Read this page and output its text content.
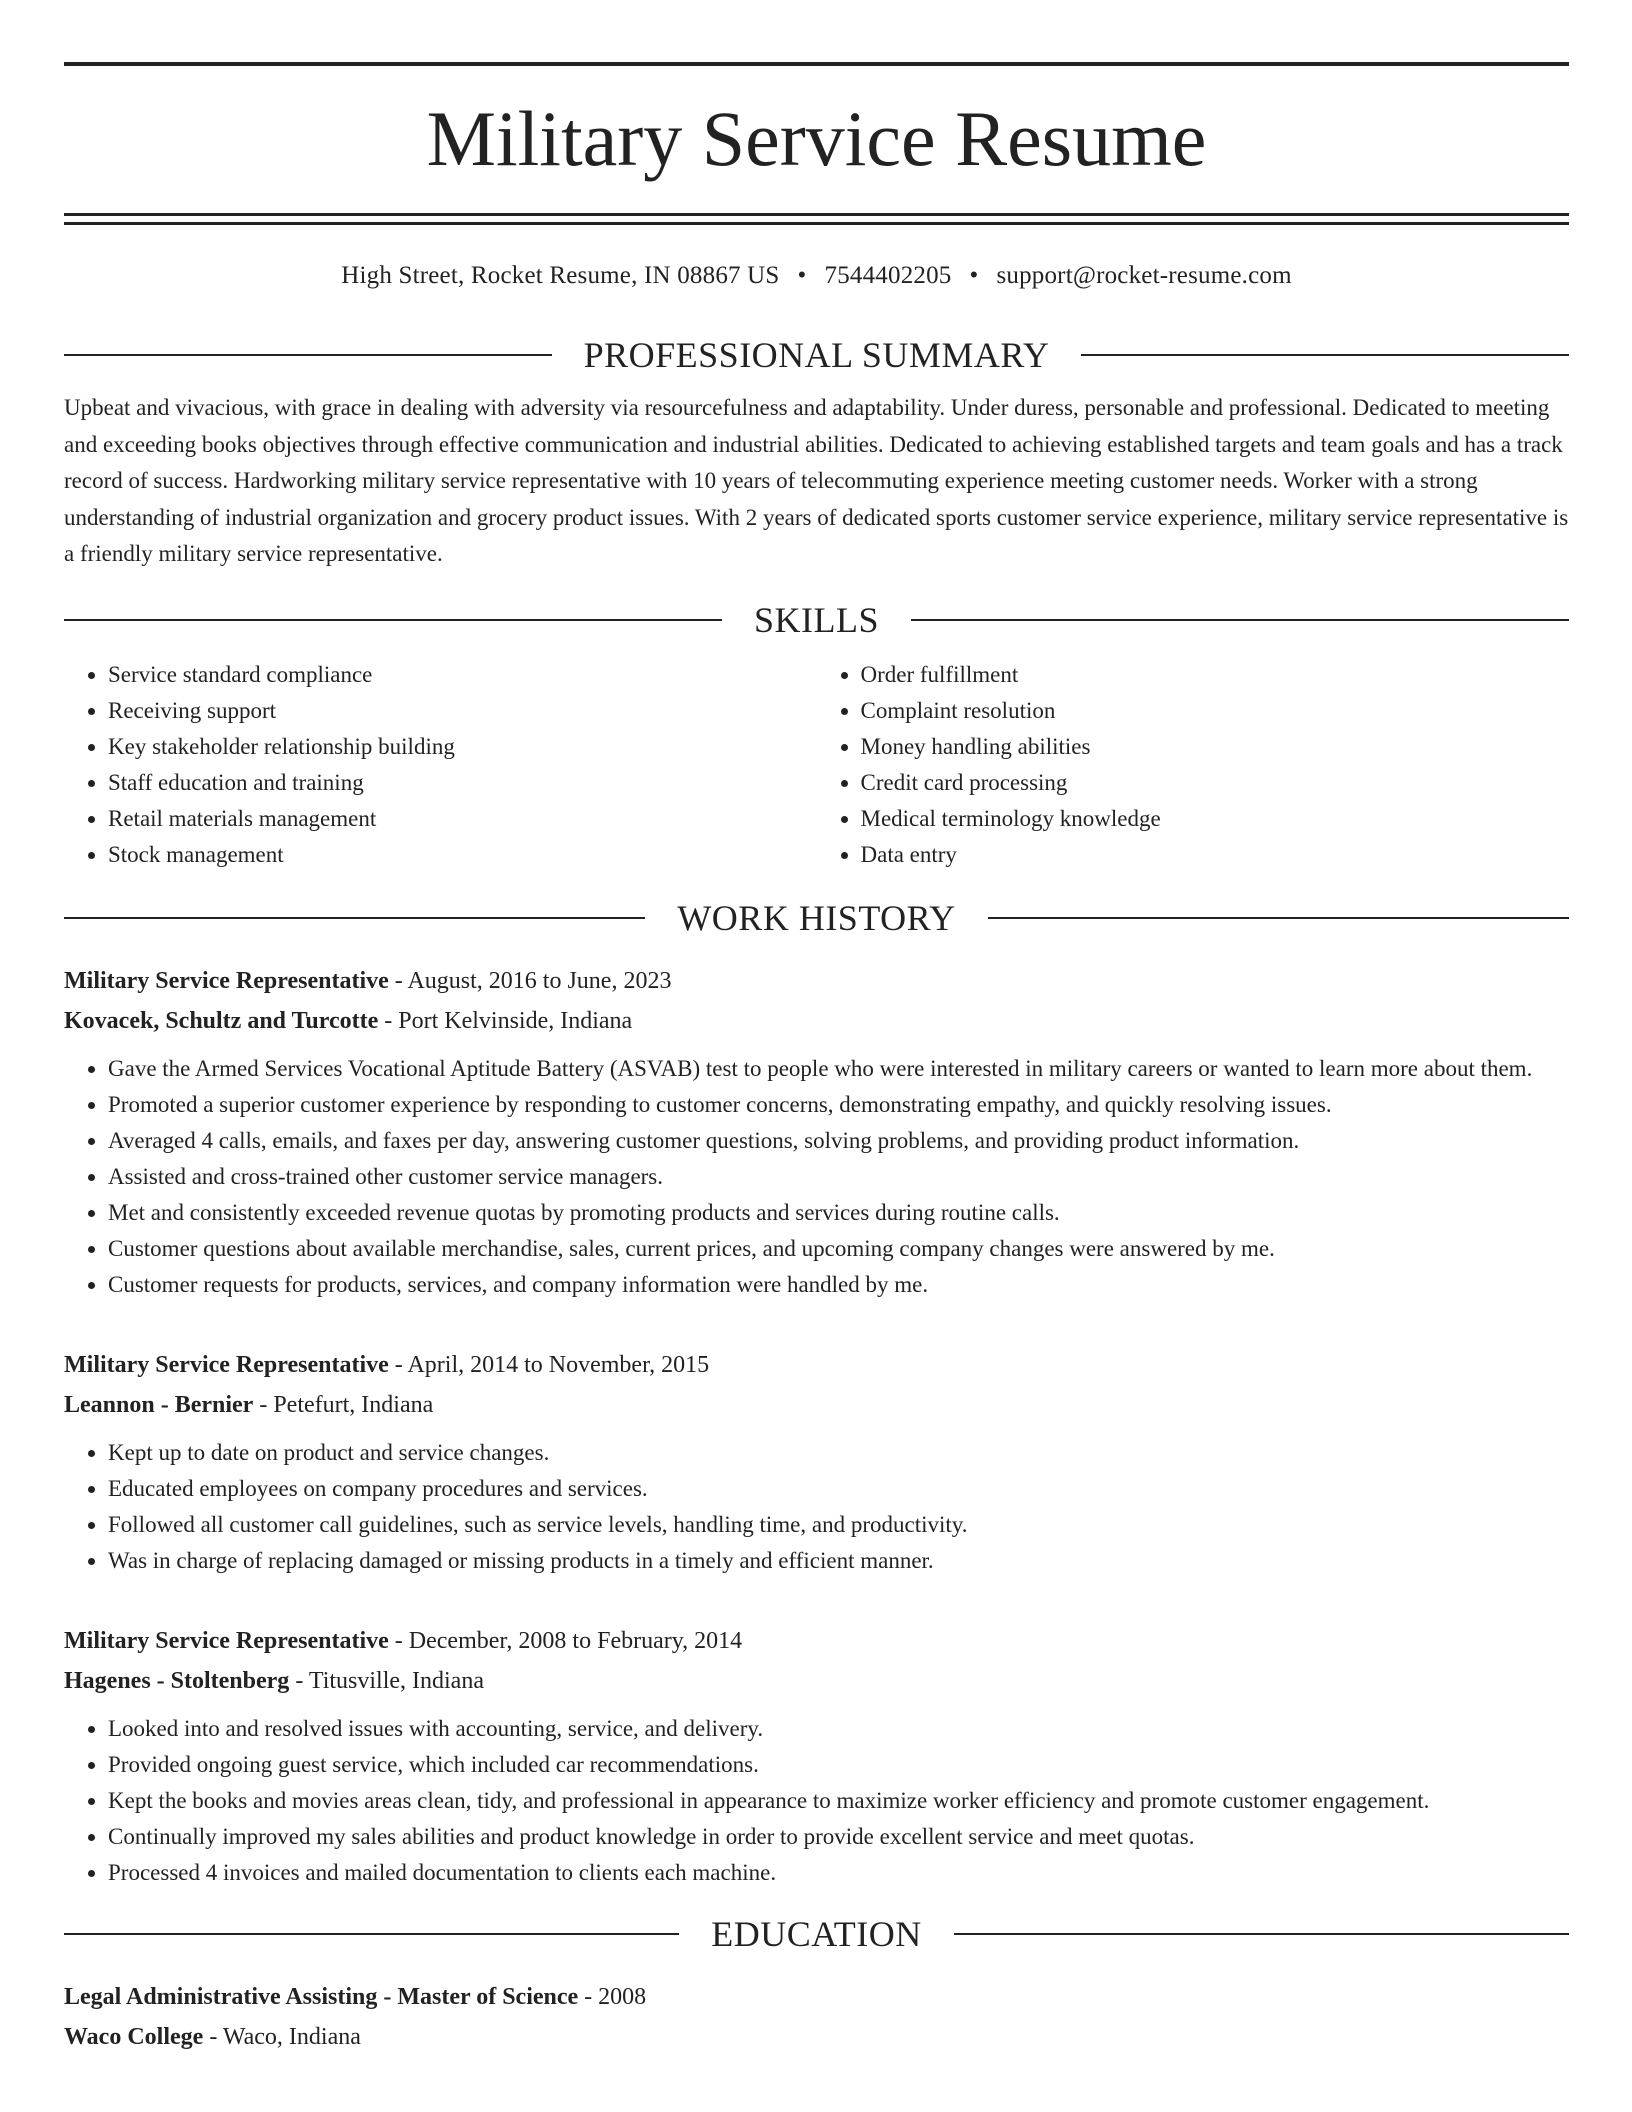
Military Service Resume
High Street, Rocket Resume, IN 08867 US • 7544402205 • support@rocket-resume.com
PROFESSIONAL SUMMARY
Upbeat and vivacious, with grace in dealing with adversity via resourcefulness and adaptability. Under duress, personable and professional. Dedicated to meeting and exceeding books objectives through effective communication and industrial abilities. Dedicated to achieving established targets and team goals and has a track record of success. Hardworking military service representative with 10 years of telecommuting experience meeting customer needs. Worker with a strong understanding of industrial organization and grocery product issues. With 2 years of dedicated sports customer service experience, military service representative is a friendly military service representative.
SKILLS
• Service standard compliance
• Receiving support
• Key stakeholder relationship building
• Staff education and training
• Retail materials management
• Stock management
• Order fulfillment
• Complaint resolution
• Money handling abilities
• Credit card processing
• Medical terminology knowledge
• Data entry
WORK HISTORY
Military Service Representative - August, 2016 to June, 2023
Kovacek, Schultz and Turcotte - Port Kelvinside, Indiana
• Gave the Armed Services Vocational Aptitude Battery (ASVAB) test to people who were interested in military careers or wanted to learn more about them.
• Promoted a superior customer experience by responding to customer concerns, demonstrating empathy, and quickly resolving issues.
• Averaged 4 calls, emails, and faxes per day, answering customer questions, solving problems, and providing product information.
• Assisted and cross-trained other customer service managers.
• Met and consistently exceeded revenue quotas by promoting products and services during routine calls.
• Customer questions about available merchandise, sales, current prices, and upcoming company changes were answered by me.
• Customer requests for products, services, and company information were handled by me.
Military Service Representative - April, 2014 to November, 2015
Leannon - Bernier - Petefurt, Indiana
• Kept up to date on product and service changes.
• Educated employees on company procedures and services.
• Followed all customer call guidelines, such as service levels, handling time, and productivity.
• Was in charge of replacing damaged or missing products in a timely and efficient manner.
Military Service Representative - December, 2008 to February, 2014
Hagenes - Stoltenberg - Titusville, Indiana
• Looked into and resolved issues with accounting, service, and delivery.
• Provided ongoing guest service, which included car recommendations.
• Kept the books and movies areas clean, tidy, and professional in appearance to maximize worker efficiency and promote customer engagement.
• Continually improved my sales abilities and product knowledge in order to provide excellent service and meet quotas.
• Processed 4 invoices and mailed documentation to clients each machine.
EDUCATION
Legal Administrative Assisting - Master of Science - 2008
Waco College - Waco, Indiana
